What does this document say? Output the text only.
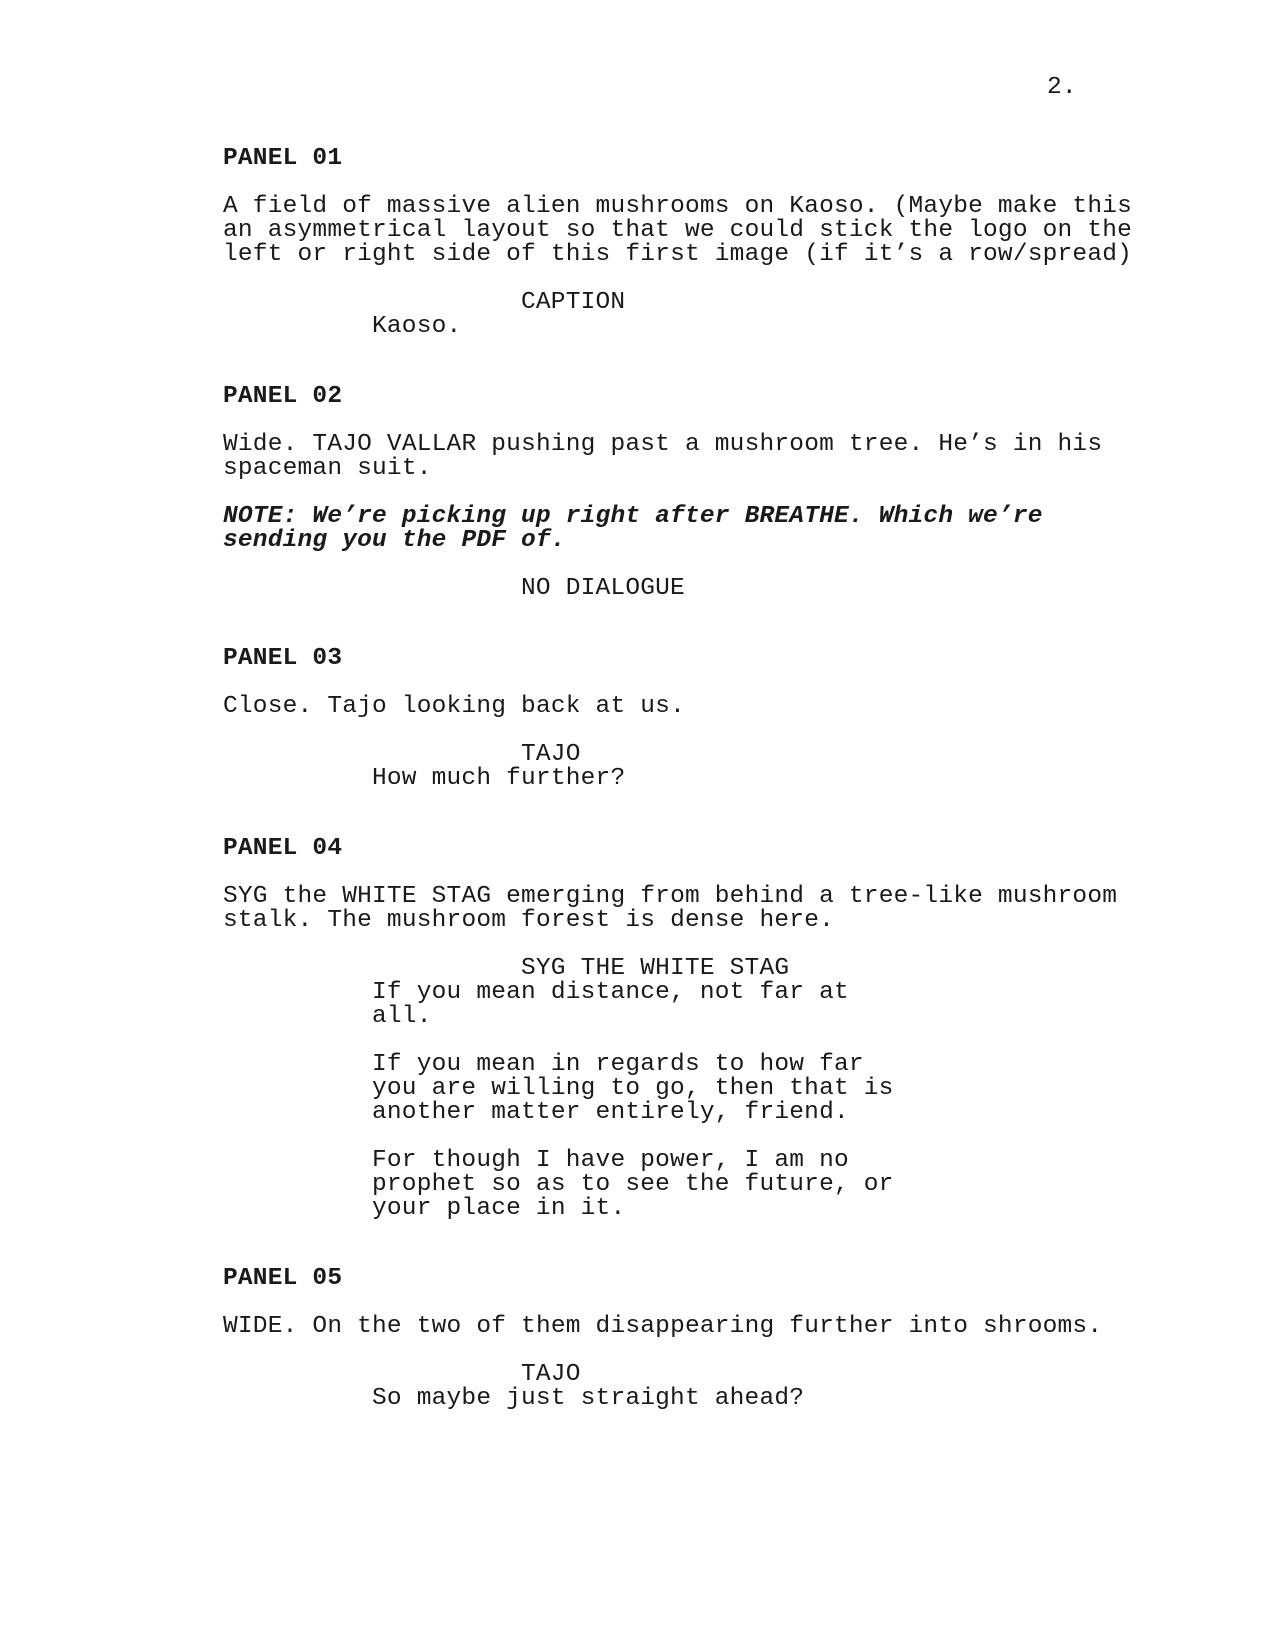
2.
PANEL 01
A field of massive alien mushrooms on Kaoso. (Maybe make this
an asymmetrical layout so that we could stick the logo on the
left or right side of this first image (if it’s a row/spread)
CAPTION
Kaoso.
PANEL 02
Wide. TAJO VALLAR pushing past a mushroom tree. He’s in his
spaceman suit.
NOTE: We’re picking up right after BREATHE. Which we’re
sending you the PDF of.
NO DIALOGUE
PANEL 03
Close. Tajo looking back at us.
TAJO
How much further?
PANEL 04
SYG the WHITE STAG emerging from behind a tree-like mushroom
stalk. The mushroom forest is dense here.
SYG THE WHITE STAG
If you mean distance, not far at
all.
If you mean in regards to how far
you are willing to go, then that is
another matter entirely, friend.
For though I have power, I am no
prophet so as to see the future, or
your place in it.
PANEL 05
WIDE. On the two of them disappearing further into shrooms.
TAJO
So maybe just straight ahead?
